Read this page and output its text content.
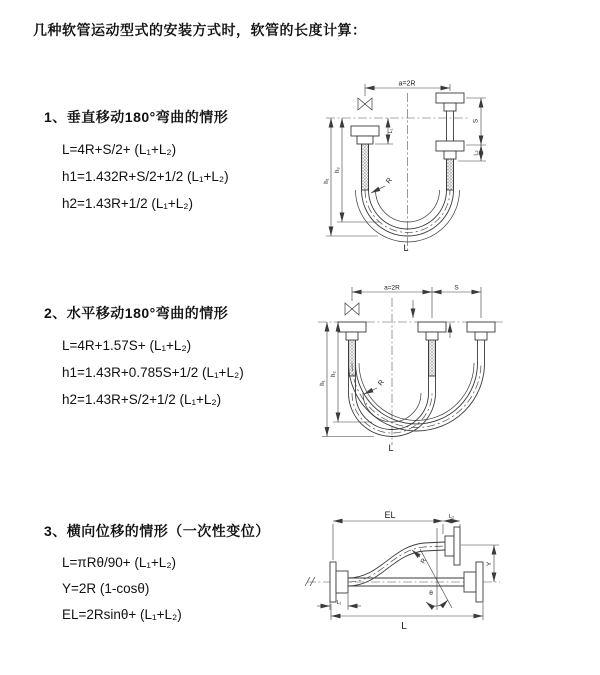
几种软管运动型式的安装方式时，软管的长度计算：
1、垂直移动180°弯曲的情形
L=4R+S/2+ (L₁+L₂)
h1=1.432R+S/2+1/2 (L₁+L₂)
h2=1.43R+1/2 (L₁+L₂)
2、水平移动180°弯曲的情形
L=4R+1.57S+ (L₁+L₂)
h1=1.43R+0.785S+1/2 (L₁+L₂)
h2=1.43R+S/2+1/2 (L₁+L₂)
3、横向位移的情形（一次性变位）
L=πRθ/90+ (L₁+L₂)
Y=2R (1-cosθ)
EL=2Rsinθ+ (L₁+L₂)
a=2R
S
L₂
L₁
h₁
h₂
R
L
a=2R	S
h₁
h₂
R
L
θ
R
EL	L₂
Y
L₁
L
